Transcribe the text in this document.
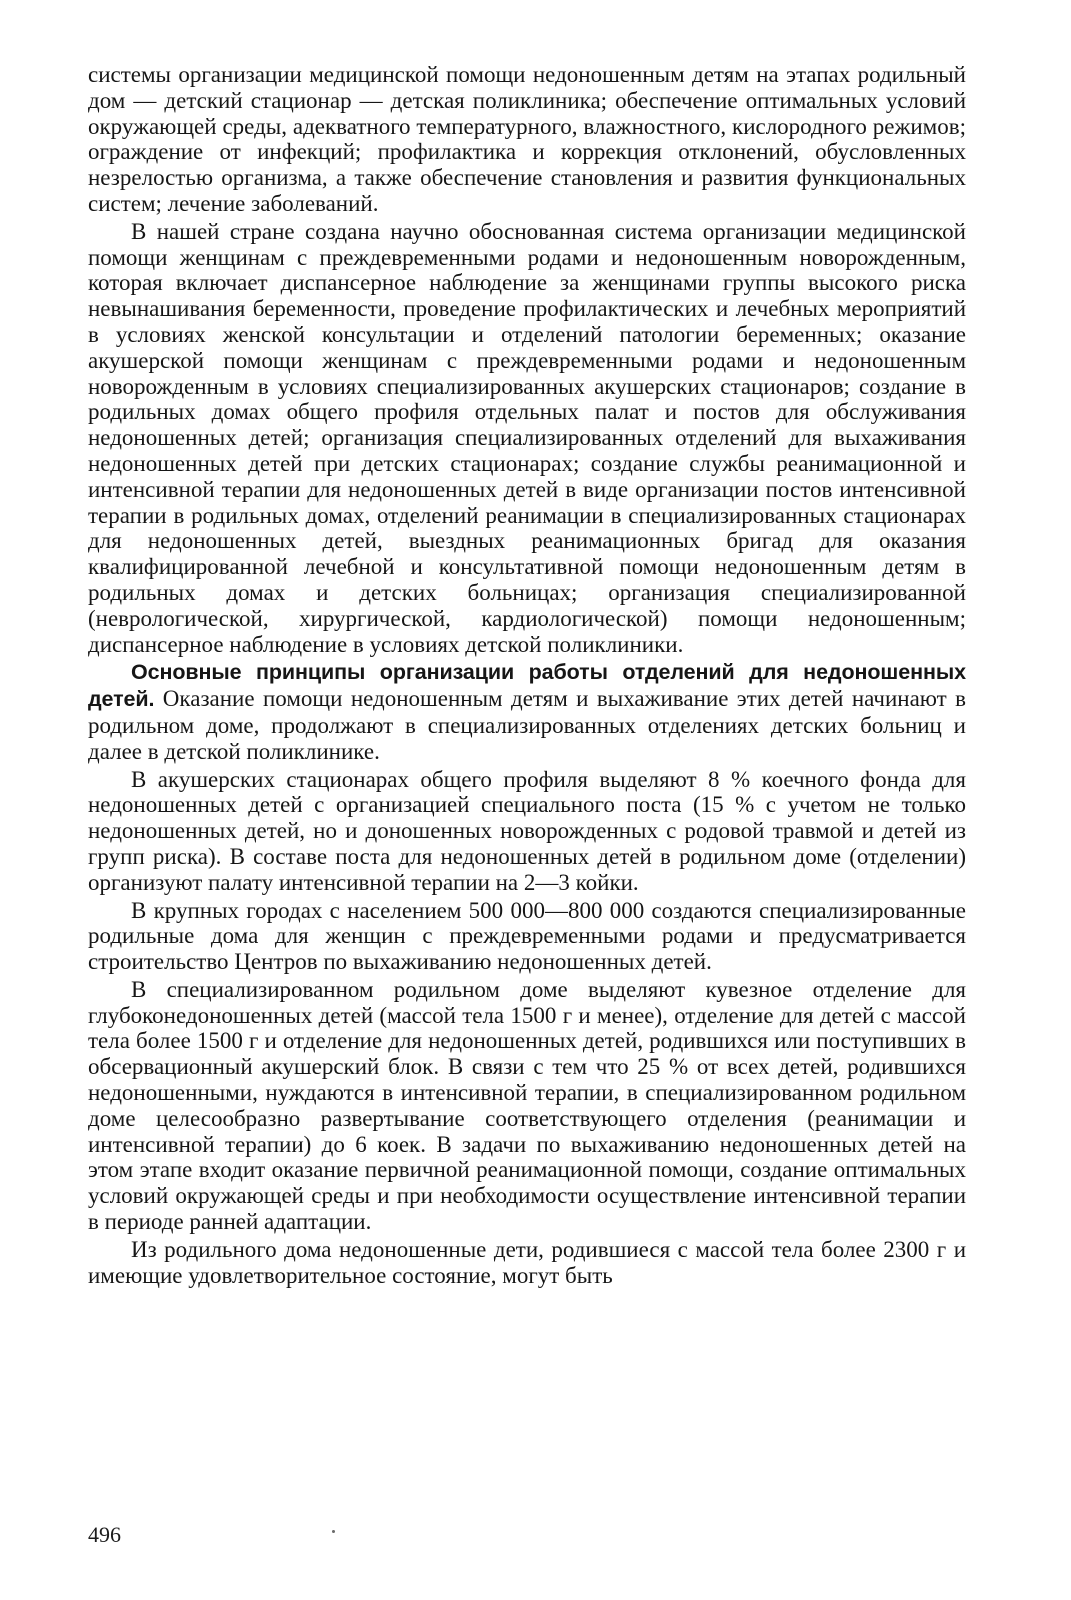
системы организации медицинской помощи недоношенным детям на этапах родильный дом — детский стационар — детская поликлиника; обеспечение оптимальных условий окружающей среды, адекватного температурного, влажностного, кислородного режимов; ограждение от инфекций; профилактика и коррекция отклонений, обусловленных незрелостью организма, а также обеспечение становления и развития функциональных систем; лечение заболеваний.

В нашей стране создана научно обоснованная система организации медицинской помощи женщинам с преждевременными родами и недоношенным новорожденным, которая включает диспансерное наблюдение за женщинами группы высокого риска невынашивания беременности, проведение профилактических и лечебных мероприятий в условиях женской консультации и отделений патологии беременных; оказание акушерской помощи женщинам с преждевременными родами и недоношенным новорожденным в условиях специализированных акушерских стационаров; создание в родильных домах общего профиля отдельных палат и постов для обслуживания недоношенных детей; организация специализированных отделений для выхаживания недоношенных детей при детских стационарах; создание службы реанимационной и интенсивной терапии для недоношенных детей в виде организации постов интенсивной терапии в родильных домах, отделений реанимации в специализированных стационарах для недоношенных детей, выездных реанимационных бригад для оказания квалифицированной лечебной и консультативной помощи недоношенным детям в родильных домах и детских больницах; организация специализированной (неврологической, хирургической, кардиологической) помощи недоношенным; диспансерное наблюдение в условиях детской поликлиники.

Основные принципы организации работы отделений для недоношенных детей. Оказание помощи недоношенным детям и выхаживание этих детей начинают в родильном доме, продолжают в специализированных отделениях детских больниц и далее в детской поликлинике.

В акушерских стационарах общего профиля выделяют 8 % коечного фонда для недоношенных детей с организацией специального поста (15 % с учетом не только недоношенных детей, но и доношенных новорожденных с родовой травмой и детей из групп риска). В составе поста для недоношенных детей в родильном доме (отделении) организуют палату интенсивной терапии на 2—3 койки.

В крупных городах с населением 500 000—800 000 создаются специализированные родильные дома для женщин с преждевременными родами и предусматривается строительство Центров по выхаживанию недоношенных детей.

В специализированном родильном доме выделяют кувезное отделение для глубоконедоношенных детей (массой тела 1500 г и менее), отделение для детей с массой тела более 1500 г и отделение для недоношенных детей, родившихся или поступивших в обсервационный акушерский блок. В связи с тем что 25 % от всех детей, родившихся недоношенными, нуждаются в интенсивной терапии, в специализированном родильном доме целесообразно развертывание соответствующего отделения (реанимации и интенсивной терапии) до 6 коек. В задачи по выхаживанию недоношенных детей на этом этапе входит оказание первичной реанимационной помощи, создание оптимальных условий окружающей среды и при необходимости осуществление интенсивной терапии в периоде ранней адаптации.

Из родильного дома недоношенные дети, родившиеся с массой тела более 2300 г и имеющие удовлетворительное состояние, могут быть

496
